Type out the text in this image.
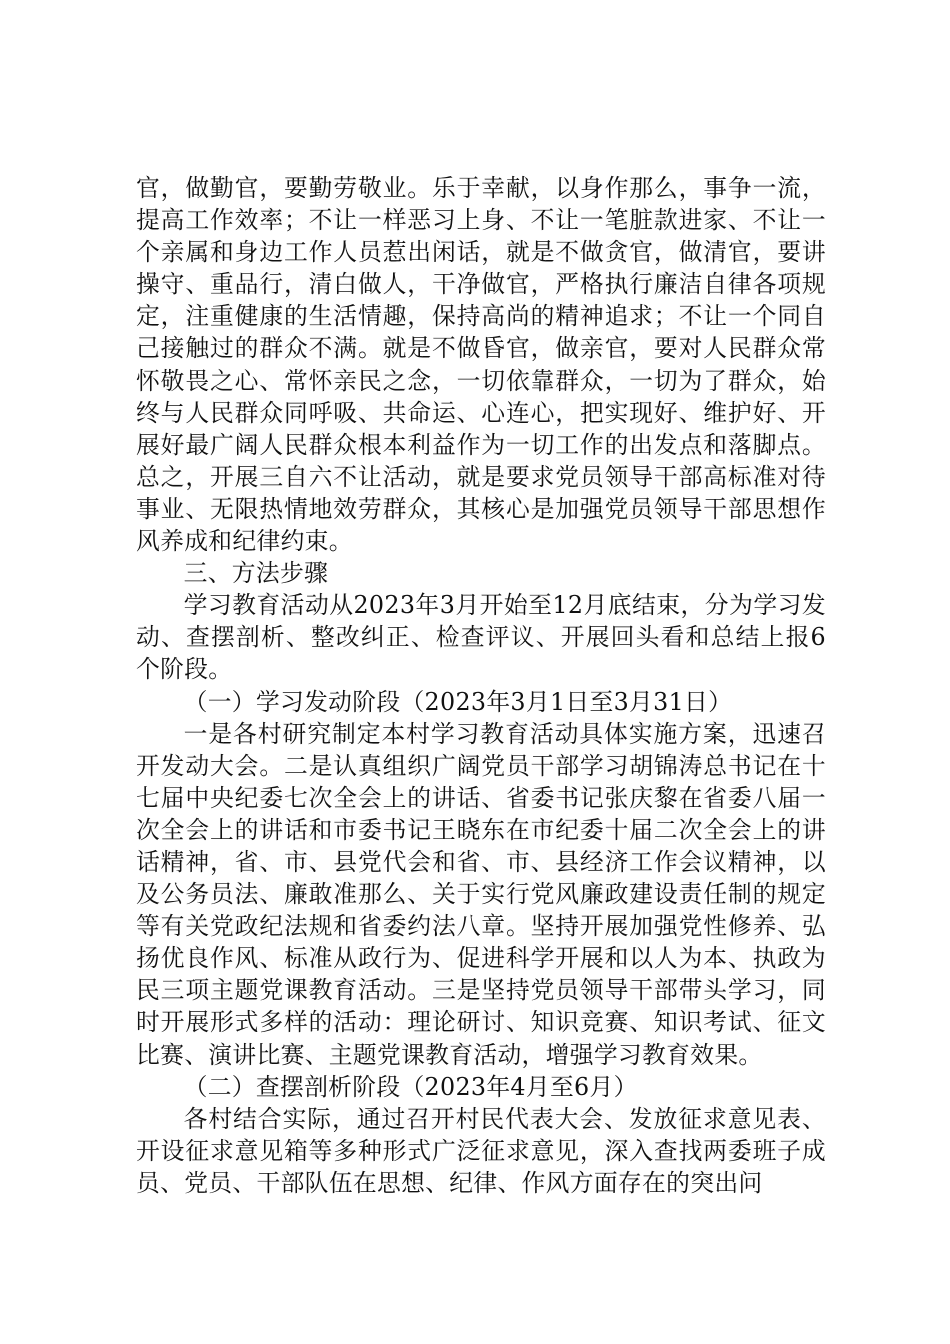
官，做勤官，要勤劳敬业。乐于幸献，以身作那么，事争一流，提高工作效率；不让一样恶习上身、不让一笔脏款进家、不让一个亲属和身边工作人员惹出闲话，就是不做贪官，做清官，要讲操守、重品行，清白做人，干净做官，严格执行廉洁自律各项规定，注重健康的生活情趣，保持高尚的精神追求；不让一个同自己接触过的群众不满。就是不做昏官，做亲官，要对人民群众常怀敬畏之心、常怀亲民之念，一切依靠群众，一切为了群众，始终与人民群众同呼吸、共命运、心连心，把实现好、维护好、开展好最广阔人民群众根本利益作为一切工作的出发点和落脚点。总之，开展三自六不让活动，就是要求党员领导干部高标准对待事业、无限热情地效劳群众，其核心是加强党员领导干部思想作风养成和纪律约束。

三、方法步骤

学习教育活动从2023年3月开始至12月底结束，分为学习发动、查摆剖析、整改纠正、检查评议、开展回头看和总结上报6个阶段。

（一）学习发动阶段（2023年3月1日至3月31日）

一是各村研究制定本村学习教育活动具体实施方案，迅速召开发动大会。二是认真组织广阔党员干部学习胡锦涛总书记在十七届中央纪委七次全会上的讲话、省委书记张庆黎在省委八届一次全会上的讲话和市委书记王晓东在市纪委十届二次全会上的讲话精神，省、市、县党代会和省、市、县经济工作会议精神，以及公务员法、廉敢准那么、关于实行党风廉政建设责任制的规定等有关党政纪法规和省委约法八章。坚持开展加强党性修养、弘扬优良作风、标准从政行为、促进科学开展和以人为本、执政为民三项主题党课教育活动。三是坚持党员领导干部带头学习，同时开展形式多样的活动：理论研讨、知识竞赛、知识考试、征文比赛、演讲比赛、主题党课教育活动，增强学习教育效果。

（二）查摆剖析阶段（2023年4月至6月）

各村结合实际，通过召开村民代表大会、发放征求意见表、开设征求意见箱等多种形式广泛征求意见，深入查找两委班子成员、党员、干部队伍在思想、纪律、作风方面存在的突出问
